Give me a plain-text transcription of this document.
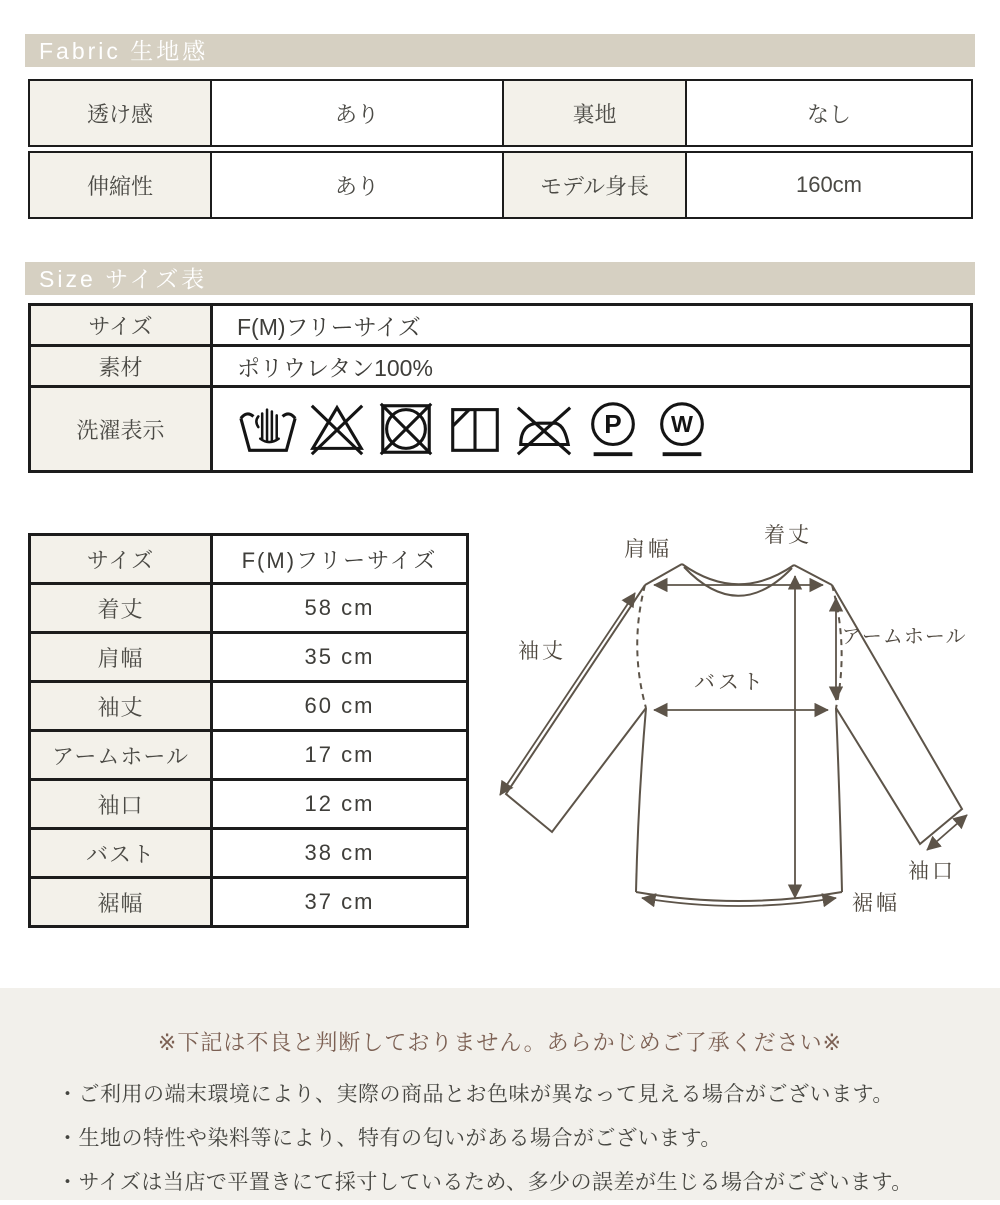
Fabric 生地感
透け感	あり	裏地	なし
伸縮性	あり	モデル身長	160cm
Size サイズ表
サイズ	F(M)フリーサイズ
素材	ポリウレタン100%
洗濯表示	P W
サイズ	F(M)フリーサイズ
着丈	58 cm
肩幅	35 cm
袖丈	60 cm
アームホール	17 cm
袖口	12 cm
バスト	38 cm
裾幅	37 cm
着丈
肩幅
袖丈
アームホール
バスト
袖口
裾幅
※下記は不良と判断しておりません。あらかじめご了承ください※
・ご利用の端末環境により、実際の商品とお色味が異なって見える場合がございます。
・生地の特性や染料等により、特有の匂いがある場合がございます。
・サイズは当店で平置きにて採寸しているため、多少の誤差が生じる場合がございます。
